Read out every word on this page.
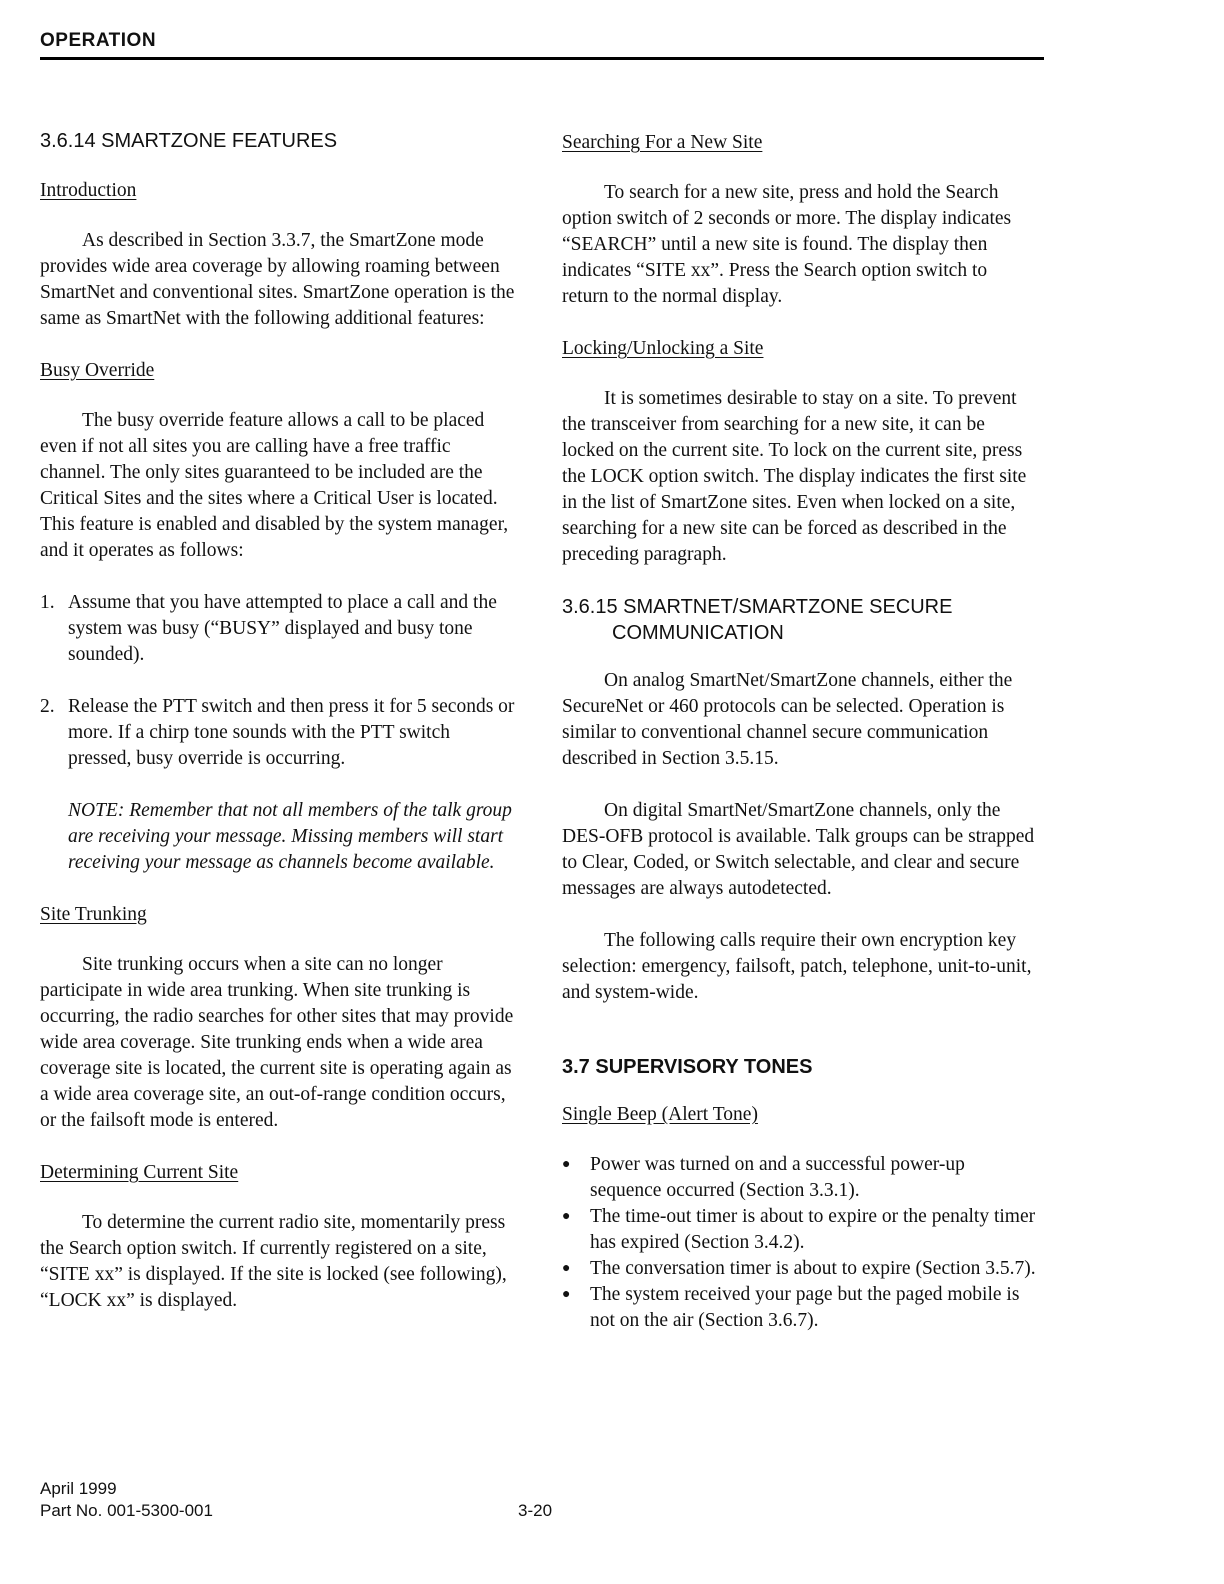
OPERATION
3.6.14 SMARTZONE FEATURES
Introduction

As described in Section 3.3.7, the SmartZone mode provides wide area coverage by allowing roaming between SmartNet and conventional sites. SmartZone operation is the same as SmartNet with the following additional features:

Busy Override

The busy override feature allows a call to be placed even if not all sites you are calling have a free traffic channel. The only sites guaranteed to be included are the Critical Sites and the sites where a Critical User is located. This feature is enabled and disabled by the system manager, and it operates as follows:

1. Assume that you have attempted to place a call and the system was busy (“BUSY” displayed and busy tone sounded).
2. Release the PTT switch and then press it for 5 seconds or more. If a chirp tone sounds with the PTT switch pressed, busy override is occurring.

NOTE: Remember that not all members of the talk group are receiving your message. Missing members will start receiving your message as channels become available.

Site Trunking

Site trunking occurs when a site can no longer participate in wide area trunking. When site trunking is occurring, the radio searches for other sites that may provide wide area coverage. Site trunking ends when a wide area coverage site is located, the current site is operating again as a wide area coverage site, an out-of-range condition occurs, or the failsoft mode is entered.

Determining Current Site

To determine the current radio site, momentarily press the Search option switch. If currently registered on a site, “SITE xx” is displayed. If the site is locked (see following), “LOCK xx” is displayed.

Searching For a New Site

To search for a new site, press and hold the Search option switch of 2 seconds or more. The display indicates “SEARCH” until a new site is found. The display then indicates “SITE xx”. Press the Search option switch to return to the normal display.

Locking/Unlocking a Site

It is sometimes desirable to stay on a site. To prevent the transceiver from searching for a new site, it can be locked on the current site. To lock on the current site, press the LOCK option switch. The display indicates the first site in the list of SmartZone sites. Even when locked on a site, searching for a new site can be forced as described in the preceding paragraph.

3.6.15 SMARTNET/SMARTZONE SECURE
COMMUNICATION

On analog SmartNet/SmartZone channels, either the SecureNet or 460 protocols can be selected. Operation is similar to conventional channel secure communication described in Section 3.5.15.

On digital SmartNet/SmartZone channels, only the DES-OFB protocol is available. Talk groups can be strapped to Clear, Coded, or Switch selectable, and clear and secure messages are always autodetected.

The following calls require their own encryption key selection: emergency, failsoft, patch, telephone, unit-to-unit, and system-wide.

3.7 SUPERVISORY TONES
Single Beep (Alert Tone)
● Power was turned on and a successful power-up sequence occurred (Section 3.3.1).
● The time-out timer is about to expire or the penalty timer has expired (Section 3.4.2).
● The conversation timer is about to expire (Section 3.5.7).
● The system received your page but the paged mobile is not on the air (Section 3.6.7).
April 1999
Part No. 001-5300-001	3-20
